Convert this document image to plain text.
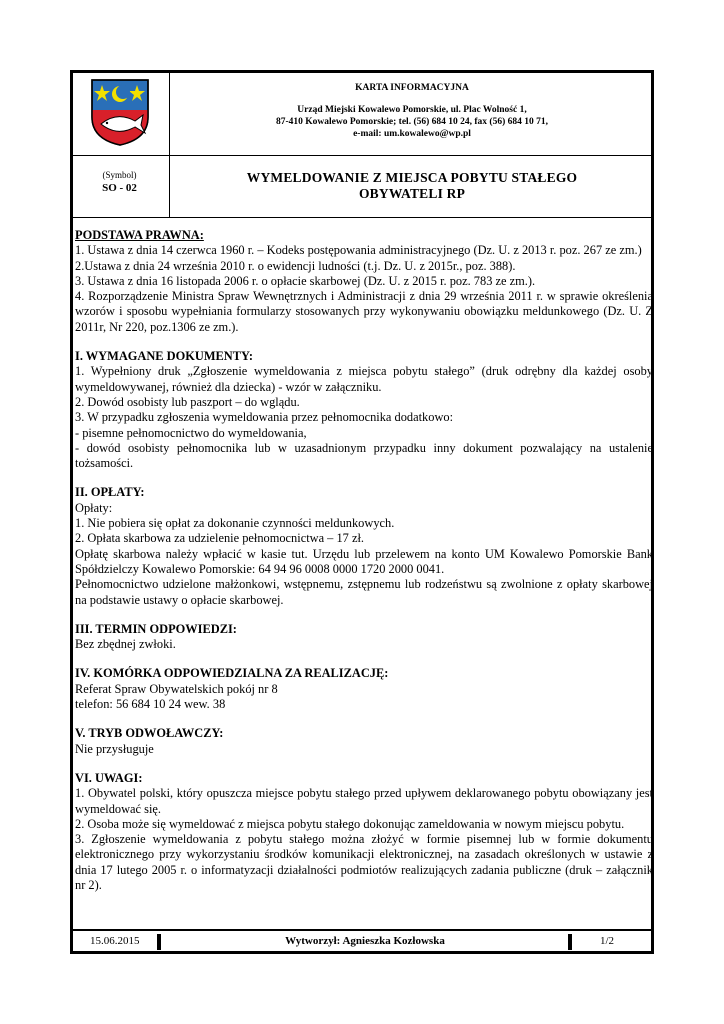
KARTA INFORMACYJNA
Urząd Miejski Kowalewo Pomorskie, ul. Plac Wolność 1,
87-410 Kowalewo Pomorskie; tel. (56) 684 10 24, fax (56) 684 10 71,
e-mail: um.kowalewo@wp.pl
(Symbol)
SO - 02
WYMELDOWANIE Z MIEJSCA POBYTU STAŁEGO
OBYWATELI RP
PODSTAWA PRAWNA:

1. Ustawa z dnia 14 czerwca 1960 r. – Kodeks postępowania administracyjnego (Dz. U. z 2013 r. poz. 267 ze zm.)

2.Ustawa z dnia 24 września 2010 r. o ewidencji ludności (t.j. Dz. U. z 2015r., poz. 388).

3. Ustawa z dnia 16 listopada 2006 r. o opłacie skarbowej (Dz. U. z 2015 r. poz. 783 ze zm.).

4. Rozporządzenie Ministra Spraw Wewnętrznych i Administracji z dnia 29 września 2011 r. w sprawie określenia wzorów i sposobu wypełniania formularzy stosowanych przy wykonywaniu obowiązku meldunkowego (Dz. U. Z 2011r, Nr 220, poz.1306 ze zm.).

I. WYMAGANE DOKUMENTY:

1. Wypełniony druk „Zgłoszenie wymeldowania z miejsca pobytu stałego” (druk odrębny dla każdej osoby wymeldowywanej, również dla dziecka) - wzór w załączniku.

2. Dowód osobisty lub paszport – do wglądu.

3. W przypadku zgłoszenia wymeldowania przez pełnomocnika dodatkowo:

- pisemne pełnomocnictwo do wymeldowania,

- dowód osobisty pełnomocnika lub w uzasadnionym przypadku inny dokument pozwalający na ustalenie tożsamości.

II. OPŁATY:

Opłaty:

1. Nie pobiera się opłat za dokonanie czynności meldunkowych.

2. Opłata skarbowa za udzielenie pełnomocnictwa – 17 zł.

Opłatę skarbowa należy wpłacić w kasie tut. Urzędu lub przelewem na konto UM Kowalewo Pomorskie Bank Spółdzielczy Kowalewo Pomorskie: 64 94 96 0008 0000 1720 2000 0041.

Pełnomocnictwo udzielone małżonkowi, wstępnemu, zstępnemu lub rodzeństwu są zwolnione z opłaty skarbowej na podstawie ustawy o opłacie skarbowej.

III. TERMIN ODPOWIEDZI:

Bez zbędnej zwłoki.

IV. KOMÓRKA ODPOWIEDZIALNA ZA REALIZACJĘ:

Referat Spraw Obywatelskich pokój nr 8

telefon: 56 684 10 24 wew. 38

V. TRYB ODWOŁAWCZY:

Nie przysługuje

VI. UWAGI:

1. Obywatel polski, który opuszcza miejsce pobytu stałego przed upływem deklarowanego pobytu obowiązany jest wymeldować się.

2. Osoba może się wymeldować z miejsca pobytu stałego dokonując zameldowania w nowym miejscu pobytu.

3. Zgłoszenie wymeldowania z pobytu stałego można złożyć w formie pisemnej lub w formie dokumentu elektronicznego przy wykorzystaniu środków komunikacji elektronicznej, na zasadach określonych w ustawie z dnia 17 lutego 2005 r. o informatyzacji działalności podmiotów realizujących zadania publiczne (druk – załącznik nr 2).

15.06.2015	Wytworzył: Agnieszka Kozłowska	1/2
